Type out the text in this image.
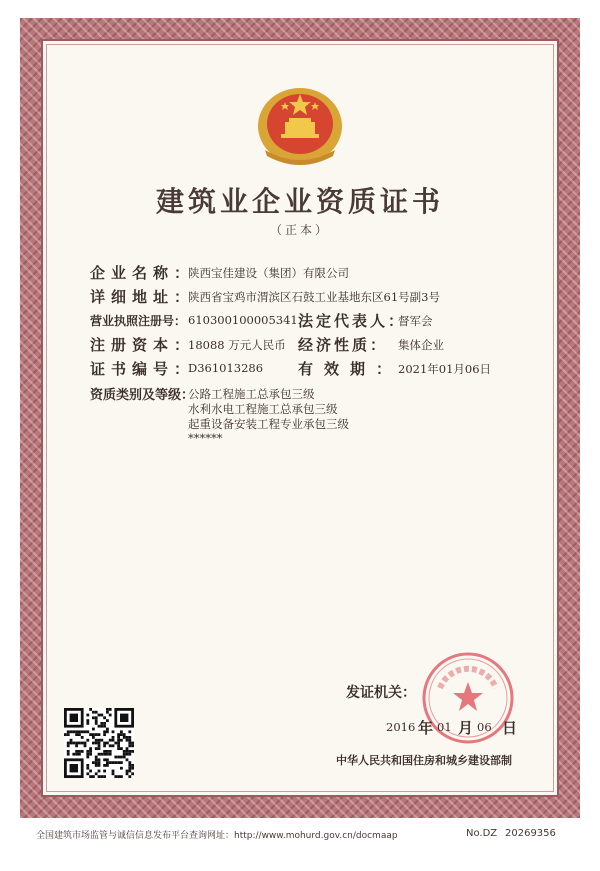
建筑业企业资质证书
（正本）
企业名称：
陕西宝佳建设（集团）有限公司
详细地址：
陕西省宝鸡市渭滨区石鼓工业基地东区61号副3号
营业执照注册号： 610300100005341 法定代表人：
督军会
注册资本：
18088 万元人民币 经济性质： 集体企业
证书编号：
D361013286 有效期：
2021年01月06日
资质类别及等级：
公路工程施工总承包三级
水利水电工程施工总承包三级
起重设备安装工程专业承包三级
******
发证机关：
2016 年 01 月 06 日
中华人民共和国住房和城乡建设部制
全国建筑市场监管与诚信信息发布平台查询网址：http://www.mohurd.gov.cn/docmaap	No.DZ 20269356
